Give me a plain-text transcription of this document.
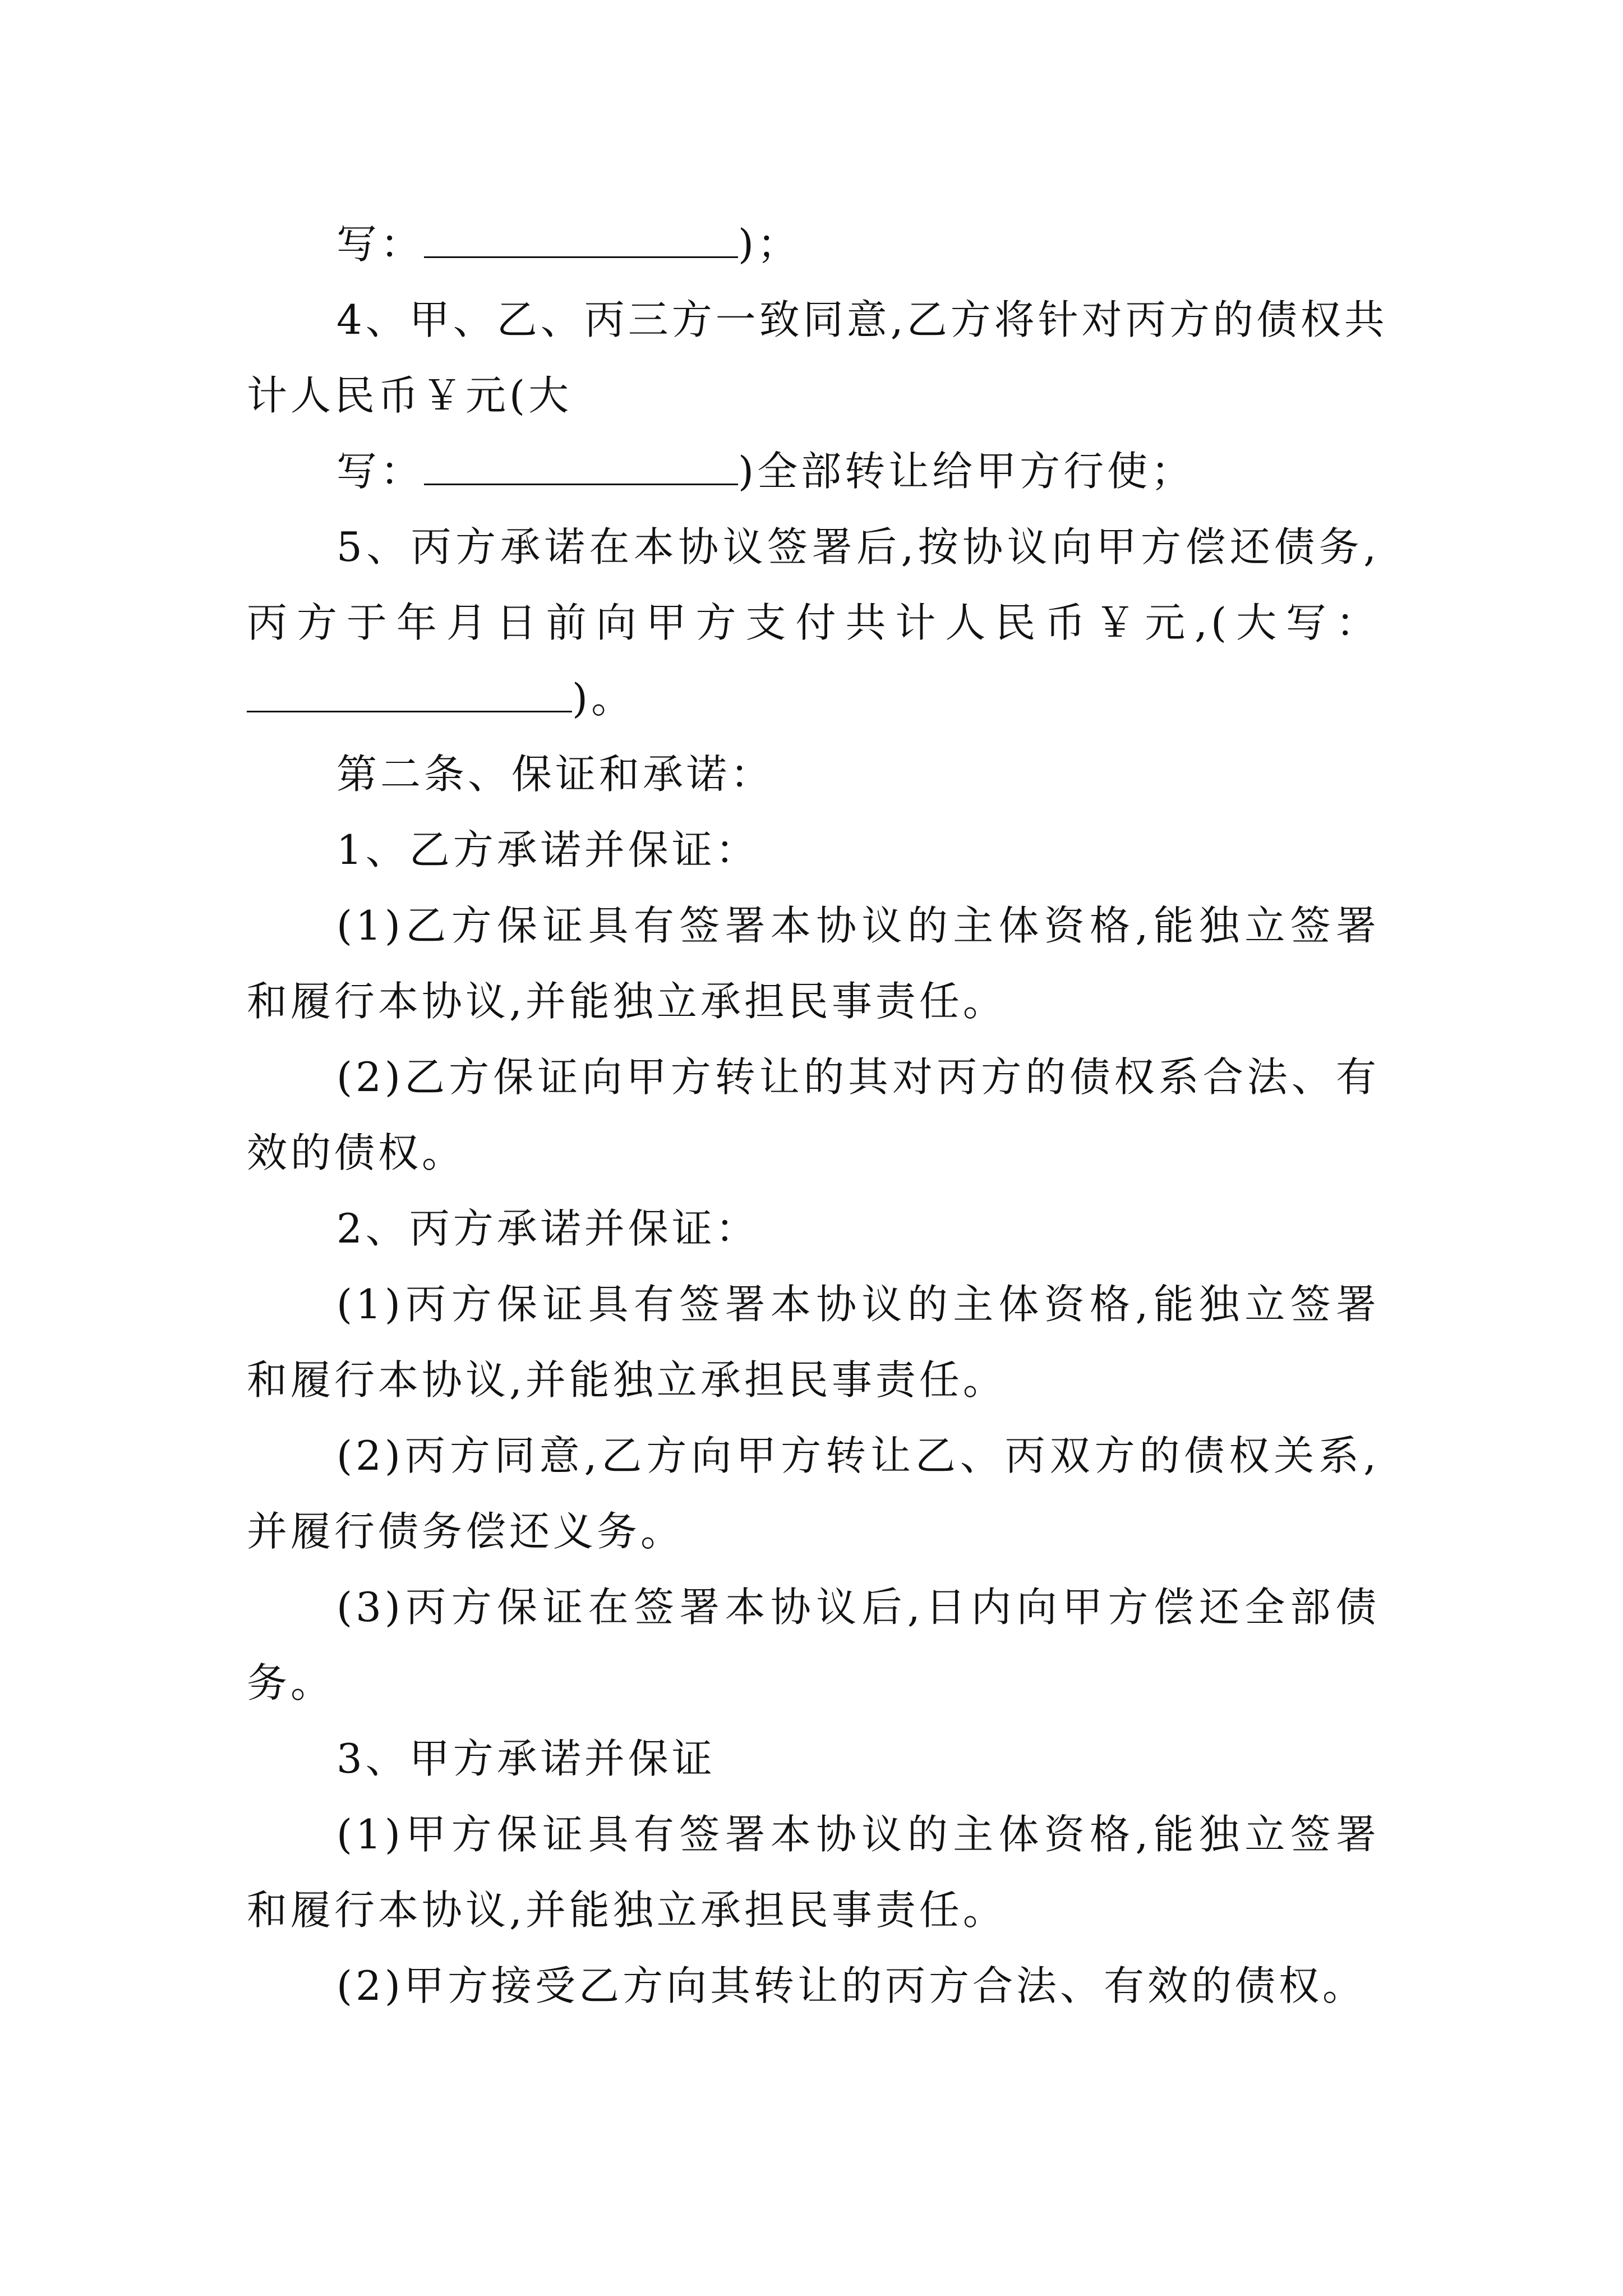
写：	)；
4、甲、乙、丙三方一致同意,乙方将针对丙方的债权共
计人民币￥元(大
写：	)全部转让给甲方行使；
5、丙方承诺在本协议签署后,按协议向甲方偿还债务,
丙方于年月日前向甲方支付共计人民币￥元,(大写：
)。
第二条、保证和承诺：
1、乙方承诺并保证：
(1)乙方保证具有签署本协议的主体资格,能独立签署
和履行本协议,并能独立承担民事责任。
(2)乙方保证向甲方转让的其对丙方的债权系合法、有
效的债权。
2、丙方承诺并保证：
(1)丙方保证具有签署本协议的主体资格,能独立签署
和履行本协议,并能独立承担民事责任。
(2)丙方同意,乙方向甲方转让乙、丙双方的债权关系,
并履行债务偿还义务。
(3)丙方保证在签署本协议后,日内向甲方偿还全部债
务。
3、甲方承诺并保证
(1)甲方保证具有签署本协议的主体资格,能独立签署
和履行本协议,并能独立承担民事责任。
(2)甲方接受乙方向其转让的丙方合法、有效的债权。
